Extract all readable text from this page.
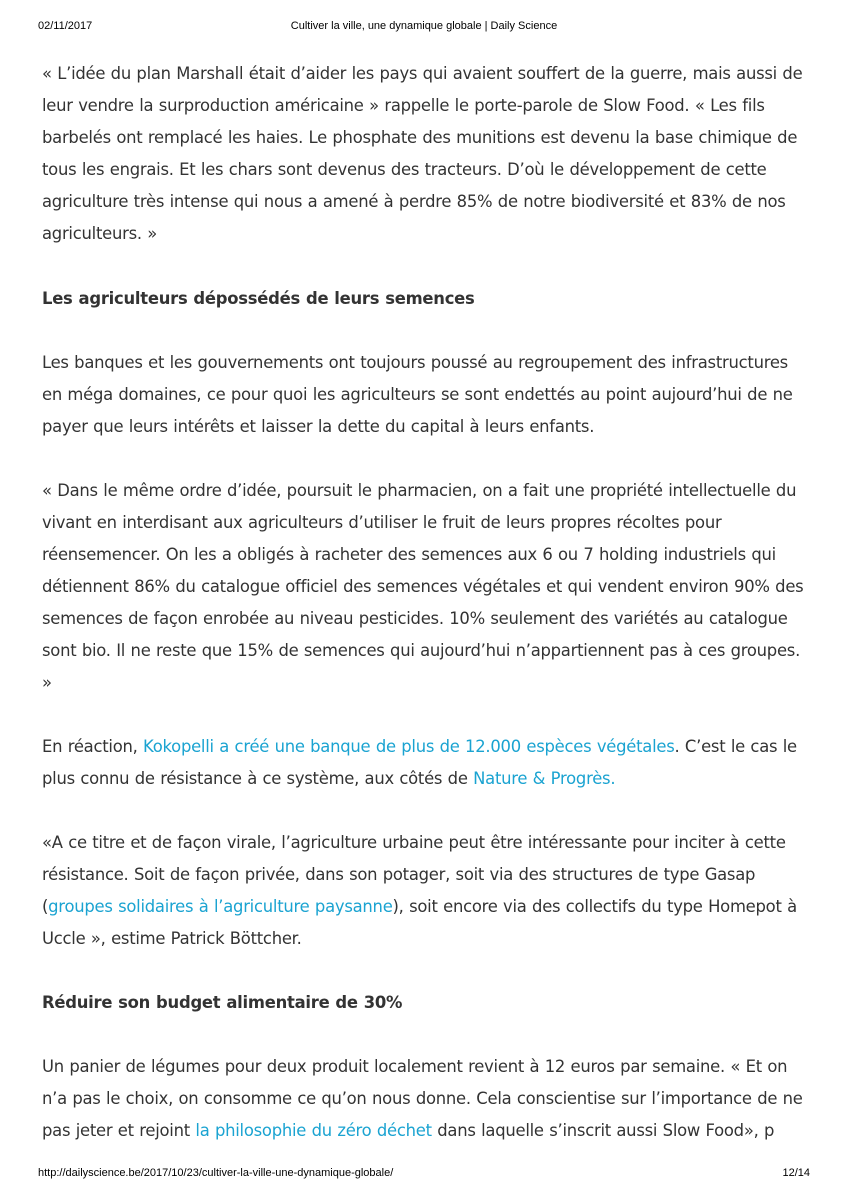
02/11/2017	Cultiver la ville, une dynamique globale | Daily Science

« L’idée du plan Marshall était d’aider les pays qui avaient souffert de la guerre, mais aussi de leur vendre la surproduction américaine » rappelle le porte-parole de Slow Food. « Les fils barbelés ont remplacé les haies. Le phosphate des munitions est devenu la base chimique de tous les engrais. Et les chars sont devenus des tracteurs. D’où le développement de cette agriculture très intense qui nous a amené à perdre 85% de notre biodiversité et 83% de nos agriculteurs. »

Les agriculteurs dépossédés de leurs semences

Les banques et les gouvernements ont toujours poussé au regroupement des infrastructures en méga domaines, ce pour quoi les agriculteurs se sont endettés au point aujourd’hui de ne payer que leurs intérêts et laisser la dette du capital à leurs enfants.

« Dans le même ordre d’idée, poursuit le pharmacien, on a fait une propriété intellectuelle du vivant en interdisant aux agriculteurs d’utiliser le fruit de leurs propres récoltes pour réensemencer. On les a obligés à racheter des semences aux 6 ou 7 holding industriels qui détiennent 86% du catalogue officiel des semences végétales et qui vendent environ 90% des semences de façon enrobée au niveau pesticides. 10% seulement des variétés au catalogue sont bio. Il ne reste que 15% de semences qui aujourd’hui n’appartiennent pas à ces groupes. »

En réaction, Kokopelli a créé une banque de plus de 12.000 espèces végétales. C’est le cas le plus connu de résistance à ce système, aux côtés de Nature & Progrès.

«A ce titre et de façon virale, l’agriculture urbaine peut être intéressante pour inciter à cette résistance. Soit de façon privée, dans son potager, soit via des structures de type Gasap (groupes solidaires à l’agriculture paysanne), soit encore via des collectifs du type Homepot à Uccle », estime Patrick Böttcher.

Réduire son budget alimentaire de 30%

Un panier de légumes pour deux produit localement revient à 12 euros par semaine. « Et on n’a pas le choix, on consomme ce qu’on nous donne. Cela conscientise sur l’importance de ne pas jeter et rejoint la philosophie du zéro déchet dans laquelle s’inscrit aussi Slow Food», p

http://dailyscience.be/2017/10/23/cultiver-la-ville-une-dynamique-globale/	12/14
